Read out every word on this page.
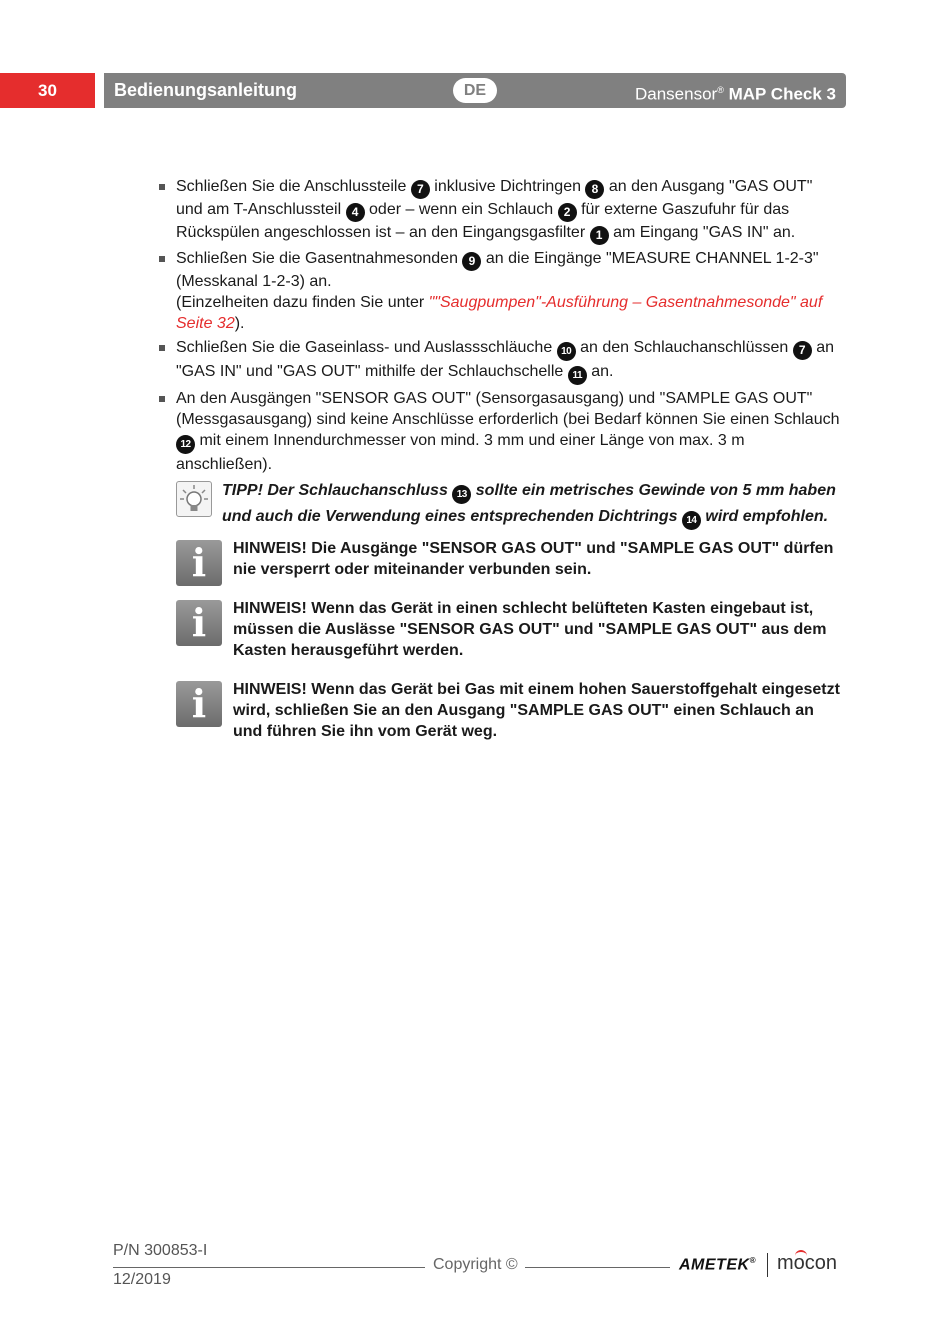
30	Bedienungsanleitung	DE	Dansensor® MAP Check 3
Schließen Sie die Anschlussteile 7 inklusive Dichtringen 8 an den Ausgang "GAS OUT" und am T-Anschlussteil 4 oder – wenn ein Schlauch 2 für externe Gaszufuhr für das Rückspülen angeschlossen ist – an den Eingangsgasfilter 1 am Eingang "GAS IN" an.
Schließen Sie die Gasentnahmesonden 9 an die Eingänge "MEASURE CHANNEL 1-2-3" (Messkanal 1-2-3) an.
(Einzelheiten dazu finden Sie unter ""Saugpumpen"-Ausführung – Gasentnahmesonde" auf Seite 32).
Schließen Sie die Gaseinlass- und Auslassschläuche 10 an den Schlauchanschlüssen 7 an "GAS IN" und "GAS OUT" mithilfe der Schlauchschelle 11 an.
An den Ausgängen "SENSOR GAS OUT" (Sensorgasausgang) und "SAMPLE GAS OUT" (Messgasausgang) sind keine Anschlüsse erforderlich (bei Bedarf können Sie einen Schlauch 12 mit einem Innendurchmesser von mind. 3 mm und einer Länge von max. 3 m anschließen).
TIPP! Der Schlauchanschluss 13 sollte ein metrisches Gewinde von 5 mm haben und auch die Verwendung eines entsprechenden Dichtrings 14 wird empfohlen.
i	HINWEIS! Die Ausgänge "SENSOR GAS OUT" und "SAMPLE GAS OUT" dürfen nie versperrt oder miteinander verbunden sein.
i	HINWEIS! Wenn das Gerät in einen schlecht belüfteten Kasten eingebaut ist, müssen die Auslässe "SENSOR GAS OUT" und "SAMPLE GAS OUT" aus dem Kasten herausgeführt werden.
i	HINWEIS! Wenn das Gerät bei Gas mit einem hohen Sauerstoffgehalt eingesetzt wird, schließen Sie an den Ausgang "SAMPLE GAS OUT" einen Schlauch an und führen Sie ihn vom Gerät weg.
P/N 300853-I
12/2019
Copyright ©	AMETEK® mocon
